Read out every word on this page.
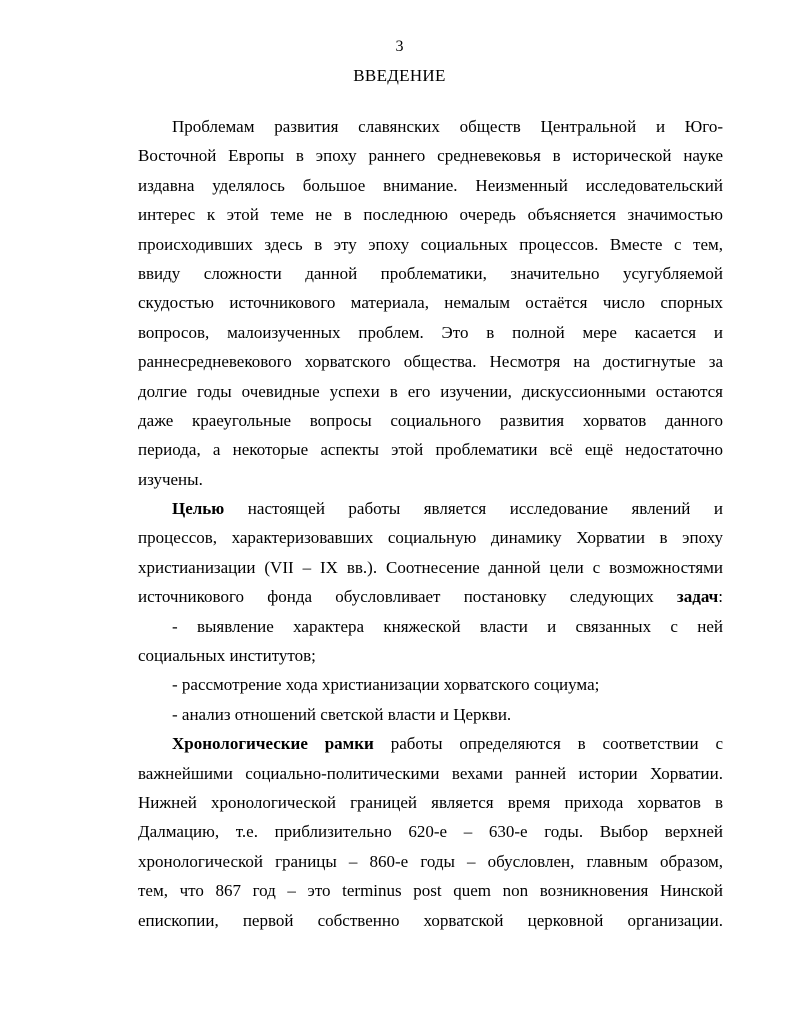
3
ВВЕДЕНИЕ
Проблемам развития славянских обществ Центральной и Юго-
Восточной Европы в эпоху раннего средневековья в исторической науке
издавна уделялось большое внимание. Неизменный исследовательский
интерес к этой теме не в последнюю очередь объясняется значимостью
происходивших здесь в эту эпоху социальных процессов. Вместе с тем,
ввиду сложности данной проблематики, значительно усугубляемой
скудостью источникового материала, немалым остаётся число спорных
вопросов, малоизученных проблем. Это в полной мере касается и
раннесредневекового хорватского общества. Несмотря на достигнутые за
долгие годы очевидные успехи в его изучении, дискуссионными остаются
даже краеугольные вопросы социального развития хорватов данного
периода, а некоторые аспекты этой проблематики всё ещё недостаточно
изучены.
Целью настоящей работы является исследование явлений и
процессов, характеризовавших социальную динамику Хорватии в эпоху
христианизации (VII – IX вв.). Соотнесение данной цели с возможностями
источникового фонда обусловливает постановку следующих задач:
- выявление характера княжеской власти и связанных с ней
социальных институтов;
- рассмотрение хода христианизации хорватского социума;
- анализ отношений светской власти и Церкви.
Хронологические рамки работы определяются в соответствии с
важнейшими социально-политическими вехами ранней истории Хорватии.
Нижней хронологической границей является время прихода хорватов в
Далмацию, т.е. приблизительно 620-е – 630-е годы. Выбор верхней
хронологической границы – 860-е годы – обусловлен, главным образом,
тем, что 867 год – это terminus post quem non возникновения Нинской
епископии, первой собственно хорватской церковной организации.
